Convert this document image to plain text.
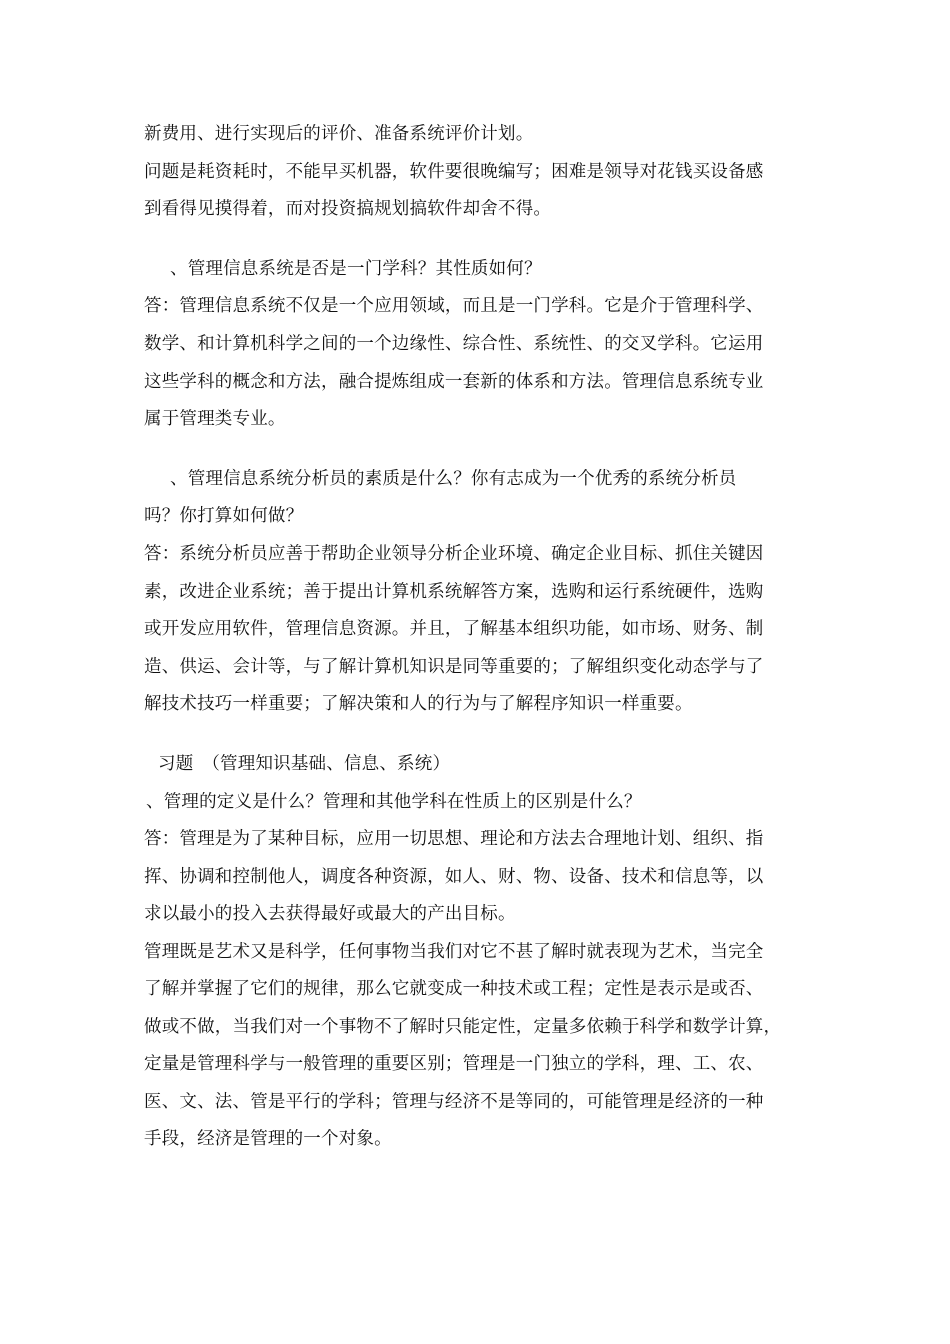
新费用、进行实现后的评价、准备系统评价计划。
问题是耗资耗时，不能早买机器，软件要很晚编写；困难是领导对花钱买设备感
到看得见摸得着，而对投资搞规划搞软件却舍不得。
、管理信息系统是否是一门学科？其性质如何？
答：管理信息系统不仅是一个应用领域，而且是一门学科。它是介于管理科学、
数学、和计算机科学之间的一个边缘性、综合性、系统性、的交叉学科。它运用
这些学科的概念和方法，融合提炼组成一套新的体系和方法。管理信息系统专业
属于管理类专业。
、管理信息系统分析员的素质是什么？你有志成为一个优秀的系统分析员
吗？你打算如何做？
答：系统分析员应善于帮助企业领导分析企业环境、确定企业目标、抓住关键因
素，改进企业系统；善于提出计算机系统解答方案，选购和运行系统硬件，选购
或开发应用软件，管理信息资源。并且，了解基本组织功能，如市场、财务、制
造、供运、会计等，与了解计算机知识是同等重要的；了解组织变化动态学与了
解技术技巧一样重要；了解决策和人的行为与了解程序知识一样重要。
习题　（管理知识基础、信息、系统）
、管理的定义是什么？管理和其他学科在性质上的区别是什么？
答：管理是为了某种目标，应用一切思想、理论和方法去合理地计划、组织、指
挥、协调和控制他人，调度各种资源，如人、财、物、设备、技术和信息等，以
求以最小的投入去获得最好或最大的产出目标。
管理既是艺术又是科学，任何事物当我们对它不甚了解时就表现为艺术，当完全
了解并掌握了它们的规律，那么它就变成一种技术或工程；定性是表示是或否、
做或不做，当我们对一个事物不了解时只能定性，定量多依赖于科学和数学计算，
定量是管理科学与一般管理的重要区别；管理是一门独立的学科，理、工、农、
医、文、法、管是平行的学科；管理与经济不是等同的，可能管理是经济的一种
手段，经济是管理的一个对象。
